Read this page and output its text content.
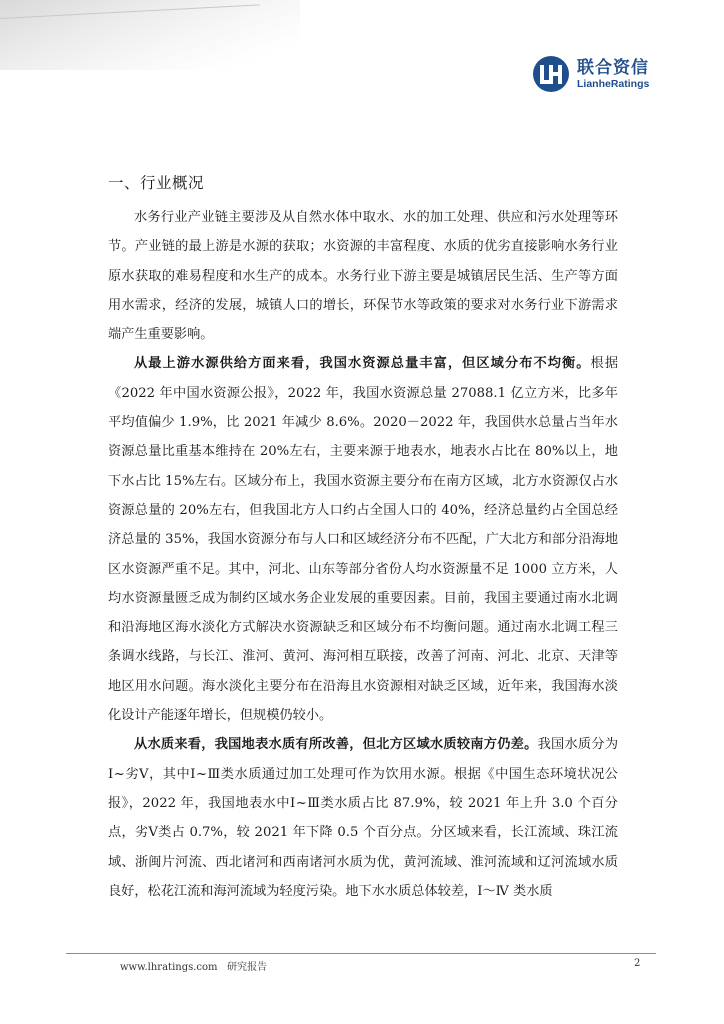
联合资信
LianheRatings
一、行业概况

水务行业产业链主要涉及从自然水体中取水、水的加工处理、供应和污水处理等环节。产业链的最上游是水源的获取；水资源的丰富程度、水质的优劣直接影响水务行业原水获取的难易程度和水生产的成本。水务行业下游主要是城镇居民生活、生产等方面用水需求，经济的发展，城镇人口的增长，环保节水等政策的要求对水务行业下游需求端产生重要影响。

从最上游水源供给方面来看，我国水资源总量丰富，但区域分布不均衡。根据《2022 年中国水资源公报》，2022 年，我国水资源总量 27088.1 亿立方米，比多年平均值偏少 1.9%，比 2021 年减少 8.6%。2020－2022 年，我国供水总量占当年水资源总量比重基本维持在 20%左右，主要来源于地表水，地表水占比在 80%以上，地下水占比 15%左右。区域分布上，我国水资源主要分布在南方区域，北方水资源仅占水资源总量的 20%左右，但我国北方人口约占全国人口的 40%，经济总量约占全国总经济总量的 35%，我国水资源分布与人口和区域经济分布不匹配，广大北方和部分沿海地区水资源严重不足。其中，河北、山东等部分省份人均水资源量不足 1000 立方米，人均水资源量匮乏成为制约区域水务企业发展的重要因素。目前，我国主要通过南水北调和沿海地区海水淡化方式解决水资源缺乏和区域分布不均衡问题。通过南水北调工程三条调水线路，与长江、淮河、黄河、海河相互联接，改善了河南、河北、北京、天津等地区用水问题。海水淡化主要分布在沿海且水资源相对缺乏区域，近年来，我国海水淡化设计产能逐年增长，但规模仍较小。

从水质来看，我国地表水质有所改善，但北方区域水质较南方仍差。我国水质分为Ⅰ~劣Ⅴ，其中Ⅰ~Ⅲ类水质通过加工处理可作为饮用水源。根据《中国生态环境状况公报》，2022 年，我国地表水中Ⅰ~Ⅲ类水质占比 87.9%，较 2021 年上升 3.0 个百分点，劣Ⅴ类占 0.7%，较 2021 年下降 0.5 个百分点。分区域来看，长江流域、珠江流域、浙闽片河流、西北诸河和西南诸河水质为优，黄河流域、淮河流域和辽河流域水质良好，松花江流和海河流域为轻度污染。地下水水质总体较差，Ⅰ～Ⅳ 类水质

www.lhratings.com 研究报告	2
